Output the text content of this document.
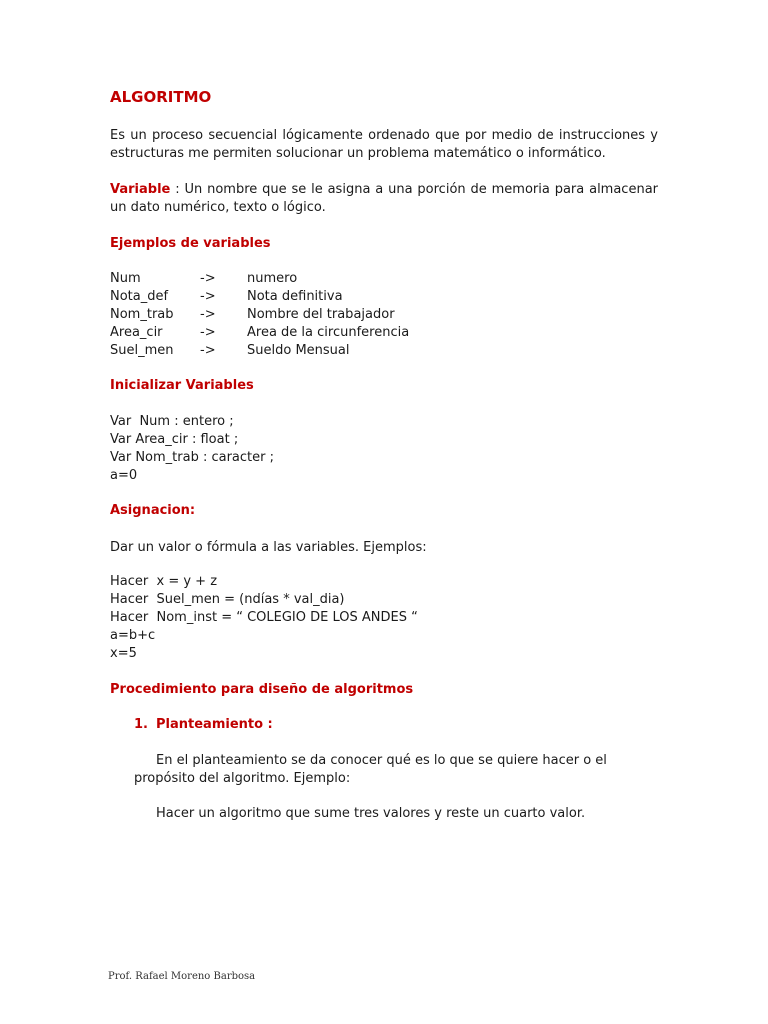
ALGORITMO

Es un proceso secuencial lógicamente ordenado que por medio de instrucciones y estructuras me permiten solucionar un problema matemático o informático.

Variable : Un nombre que se le asigna a una porción de memoria para almacenar un dato numérico, texto o lógico.

Ejemplos de variables

Num	->	numero
Nota_def	->	Nota definitiva
Nom_trab	->	Nombre del trabajador
Area_cir	->	Area de la circunferencia
Suel_men	->	Sueldo Mensual

Inicializar Variables

Var  Num : entero ;
Var Area_cir : float ;
Var Nom_trab : caracter ;
a=0

Asignacion:

Dar un valor o fórmula a las variables. Ejemplos:

Hacer  x = y + z
Hacer  Suel_men = (ndías * val_dia)
Hacer  Nom_inst = “ COLEGIO DE LOS ANDES “
a=b+c
x=5

Procedimiento para diseño de algoritmos

1. Planteamiento :

En el planteamiento se da conocer qué es lo que se quiere hacer o el propósito del algoritmo. Ejemplo:

Hacer un algoritmo que sume tres valores y reste un cuarto valor.

Prof. Rafael Moreno Barbosa
